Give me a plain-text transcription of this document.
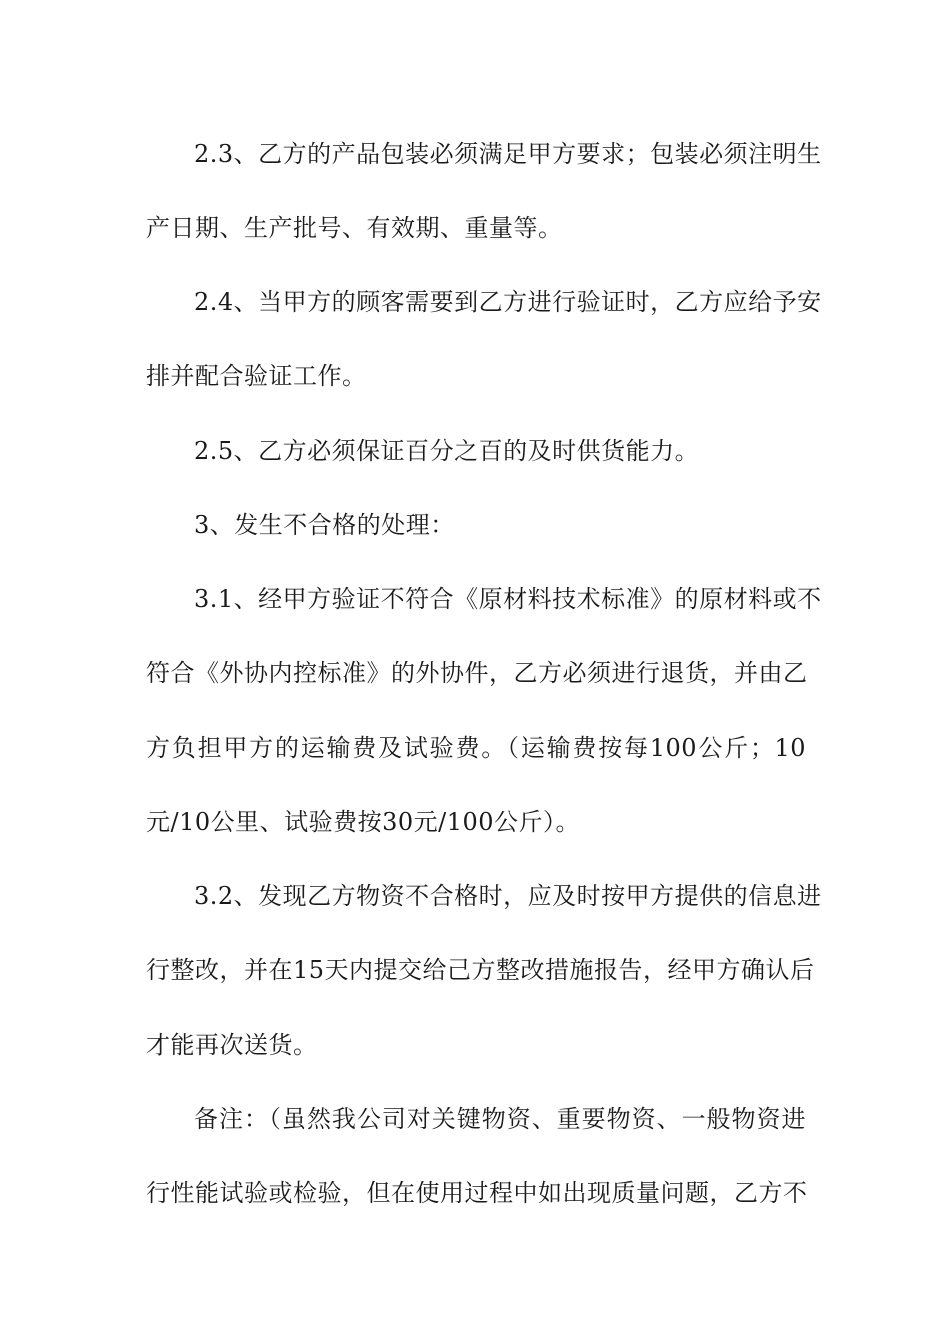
2.3、乙方的产品包装必须满足甲方要求；包装必须注明生
产日期、生产批号、有效期、重量等。
2.4、当甲方的顾客需要到乙方进行验证时，乙方应给予安
排并配合验证工作。
2.5、乙方必须保证百分之百的及时供货能力。
3、发生不合格的处理：
3.1、经甲方验证不符合《原材料技术标准》的原材料或不
符合《外协内控标准》的外协件，乙方必须进行退货，并由乙
方负担甲方的运输费及试验费。（运输费按每100公斤；10
元/10公里、试验费按30元/100公斤）。
3.2、发现乙方物资不合格时，应及时按甲方提供的信息进
行整改，并在15天内提交给己方整改措施报告，经甲方确认后
才能再次送货。
备注：（虽然我公司对关键物资、重要物资、一般物资进
行性能试验或检验，但在使用过程中如出现质量问题，乙方不
